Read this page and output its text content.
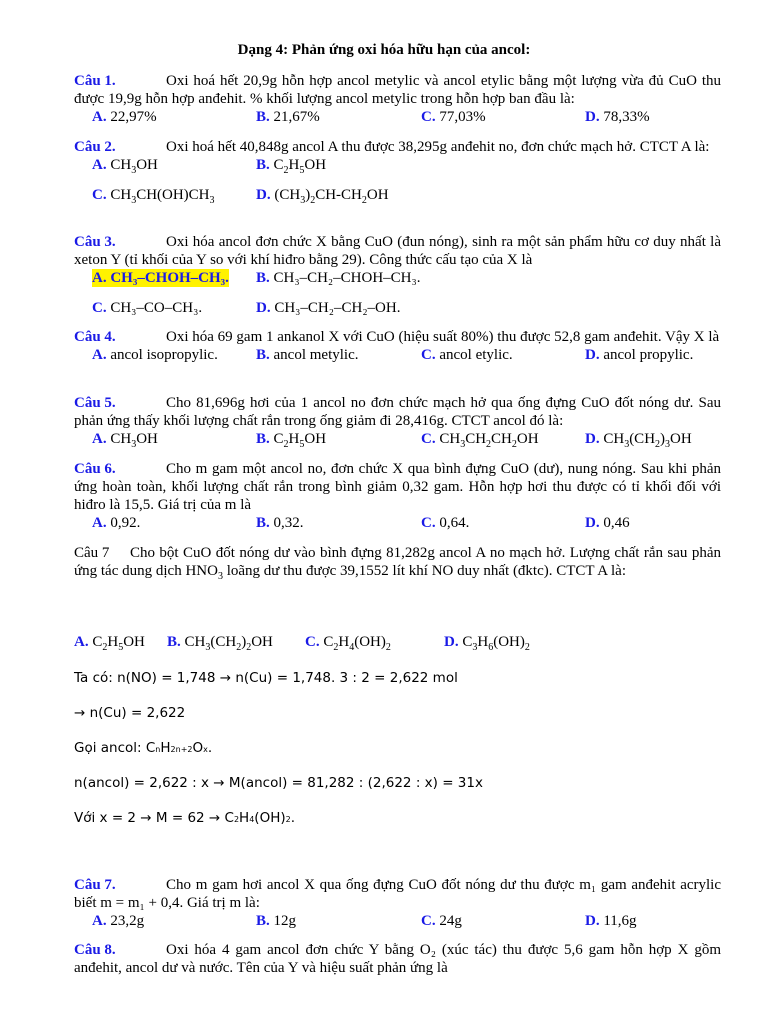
Dạng 4: Phản ứng oxi hóa hữu hạn của ancol:
Câu 1.	Oxi hoá hết 20,9g hỗn hợp ancol metylic và ancol etylic bằng một lượng vừa đủ CuO thu được 19,9g hỗn hợp anđehit. % khối lượng ancol metylic trong hỗn hợp ban đầu là:
A. 22,97%	B. 21,67%	C. 77,03%	D. 78,33%
Câu 2.	Oxi hoá hết 40,848g ancol A thu được 38,295g anđehit no, đơn chức mạch hở. CTCT A là:
A. $CH_3OH$	B. $C_2H_5OH$
C. $CH_3CH(OH)CH_3$	D. $(CH_3)_2CH-CH_2OH$
Câu 3.	Oxi hóa ancol đơn chức X bằng CuO (đun nóng), sinh ra một sản phẩm hữu cơ duy nhất là xeton Y (tỉ khối của Y so với khí hiđro bằng 29). Công thức cấu tạo của X là
A. CH₃–CHOH–CH₃. B. CH₃–CH₂–CHOH–CH₃.
C. CH₃–CO–CH₃.	D. CH₃–CH₂–CH₂–OH.
Câu 4.	Oxi hóa 69 gam 1 ankanol X với CuO (hiệu suất 80%) thu được 52,8 gam anđehit. Vậy X là
A. ancol isopropylic.	B. ancol metylic.	C. ancol etylic.	D. ancol propylic.
Câu 5.	Cho 81,696g hơi của 1 ancol no đơn chức mạch hở qua ống đựng CuO đốt nóng dư. Sau phản ứng thấy khối lượng chất rắn trong ống giảm đi 28,416g. CTCT ancol đó là:
A. $CH_3OH$	B. $C_2H_5OH$	C. $CH_3CH_2CH_2OH$	D. $CH_3(CH_2)_3OH$
Câu 6.	Cho m gam một ancol no, đơn chức X qua bình đựng CuO (dư), nung nóng. Sau khi phản ứng hoàn toàn, khối lượng chất rắn trong bình giảm 0,32 gam. Hỗn hợp hơi thu được có tỉ khối đối với hiđro là 15,5. Giá trị của m là
A. 0,92.	B. 0,32.	C. 0,64.	D. 0,46
Câu 7 Cho bột CuO đốt nóng dư vào bình đựng 81,282g ancol A no mạch hở. Lượng chất rắn sau phản ứng tác dung dịch $HNO_3$ loãng dư thu được 39,1552 lít khí NO duy nhất (đktc). CTCT A là:
A. $C_2H_5OH$ B. $CH_3(CH_2)_2OH$ C. $C_2H_4(OH)_2$	D. $C_3H_6(OH)_2$
Ta có: n(NO) = 1,748 → n(Cu) = 1,748. 3 : 2 = 2,622 mol
→ n(Cu) = 2,622
Gọi ancol: CnH2n+2Ox.
n(ancol) = 2,622 : x → M(ancol) = 81,282 : (2,622 : x) = 31x
Với x = 2 → M = 62 → C2H4(OH)2.
Câu 7.	Cho m gam hơi ancol X qua ống đựng CuO đốt nóng dư thu được m₁ gam anđehit acrylic biết m = m₁ + 0,4. Giá trị m là:
A. 23,2g	B. 12g	C. 24g	D. 11,6g
Câu 8.	Oxi hóa 4 gam ancol đơn chức Y bằng O₂ (xúc tác) thu được 5,6 gam hỗn hợp X gồm anđehit, ancol dư và nước. Tên của Y và hiệu suất phản ứng là
